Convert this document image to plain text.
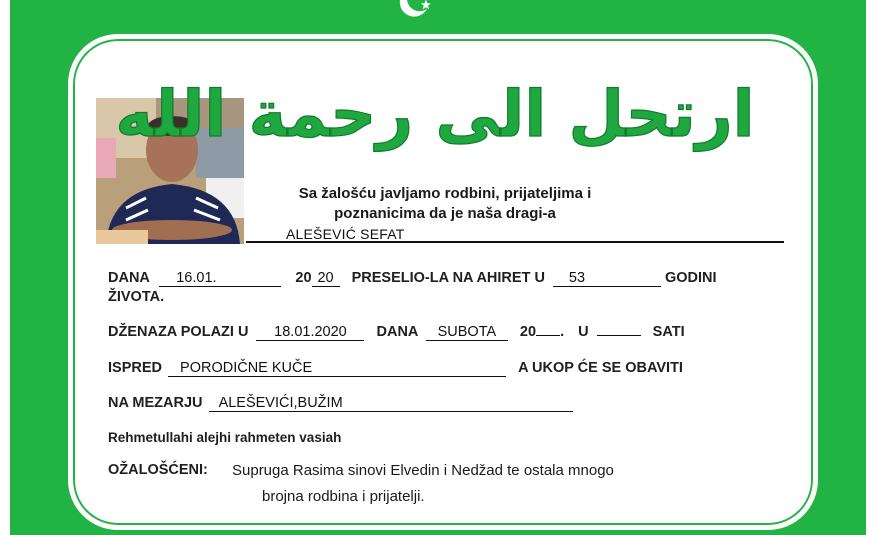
ارتحل الى رحمة الله
Sa žalošću javljamo rodbini, prijateljima i
poznanicima da je naša dragi-a
ALEŠEVIĆ SEFAT
DANA 16.01.	20 20 PRESELIO-LA NA AHIRET U 53	GODINI
ŽIVOTA.
DŽENAZA POLAZI U 18.01.2020 DANA SUBOTA 20 . U	SATI
ISPRED PORODIČNE KUČE	A UKOP ĆE SE OBAVITI
NA MEZARJU ALEŠEVIĆI,BUŽIM
Rehmetullahi alejhi rahmeten vasiah
OŽALOŠĆENI: Supruga Rasima sinovi Elvedin i Nedžad te ostala mnogo
brojna rodbina i prijatelji.
